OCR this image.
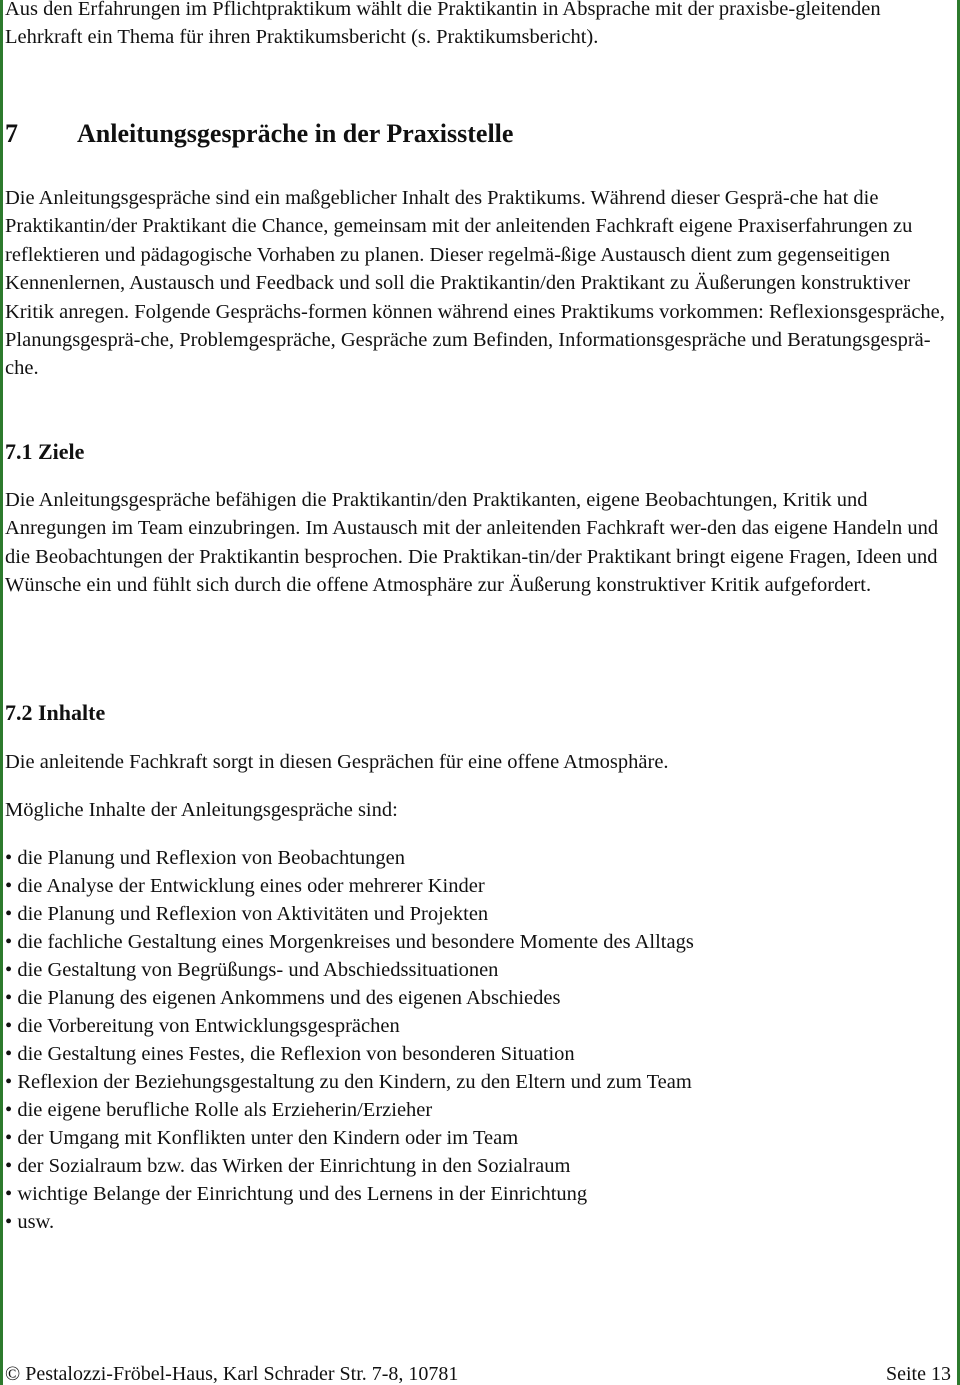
Aus den Erfahrungen im Pflichtpraktikum wählt die Praktikantin in Absprache mit der praxisbe-gleitenden Lehrkraft ein Thema für ihren Praktikumsbericht (s. Praktikumsbericht).

7 Anleitungsgespräche in der Praxisstelle

Die Anleitungsgespräche sind ein maßgeblicher Inhalt des Praktikums. Während dieser Gesprä-che hat die Praktikantin/der Praktikant die Chance, gemeinsam mit der anleitenden Fachkraft eigene Praxiserfahrungen zu reflektieren und pädagogische Vorhaben zu planen. Dieser regelmä-ßige Austausch dient zum gegenseitigen Kennenlernen, Austausch und Feedback und soll die Praktikantin/den Praktikant zu Äußerungen konstruktiver Kritik anregen. Folgende Gesprächs-formen können während eines Praktikums vorkommen: Reflexionsgespräche, Planungsgesprä-che, Problemgespräche, Gespräche zum Befinden, Informationsgespräche und Beratungsgesprä-che.

7.1 Ziele

Die Anleitungsgespräche befähigen die Praktikantin/den Praktikanten, eigene Beobachtungen, Kritik und Anregungen im Team einzubringen. Im Austausch mit der anleitenden Fachkraft wer-den das eigene Handeln und die Beobachtungen der Praktikantin besprochen. Die Praktikan-tin/der Praktikant bringt eigene Fragen, Ideen und Wünsche ein und fühlt sich durch die offene Atmosphäre zur Äußerung konstruktiver Kritik aufgefordert.

7.2 Inhalte

Die anleitende Fachkraft sorgt in diesen Gesprächen für eine offene Atmosphäre.

Mögliche Inhalte der Anleitungsgespräche sind:

• die Planung und Reflexion von Beobachtungen
• die Analyse der Entwicklung eines oder mehrerer Kinder
• die Planung und Reflexion von Aktivitäten und Projekten
• die fachliche Gestaltung eines Morgenkreises und besondere Momente des Alltags
• die Gestaltung von Begrüßungs- und Abschiedssituationen
• die Planung des eigenen Ankommens und des eigenen Abschiedes
• die Vorbereitung von Entwicklungsgesprächen
• die Gestaltung eines Festes, die Reflexion von besonderen Situation
• Reflexion der Beziehungsgestaltung zu den Kindern, zu den Eltern und zum Team
• die eigene berufliche Rolle als Erzieherin/Erzieher
• der Umgang mit Konflikten unter den Kindern oder im Team
• der Sozialraum bzw. das Wirken der Einrichtung in den Sozialraum
• wichtige Belange der Einrichtung und des Lernens in der Einrichtung
• usw.
© Pestalozzi-Fröbel-Haus, Karl Schrader Str. 7-8, 10781	Seite 13
